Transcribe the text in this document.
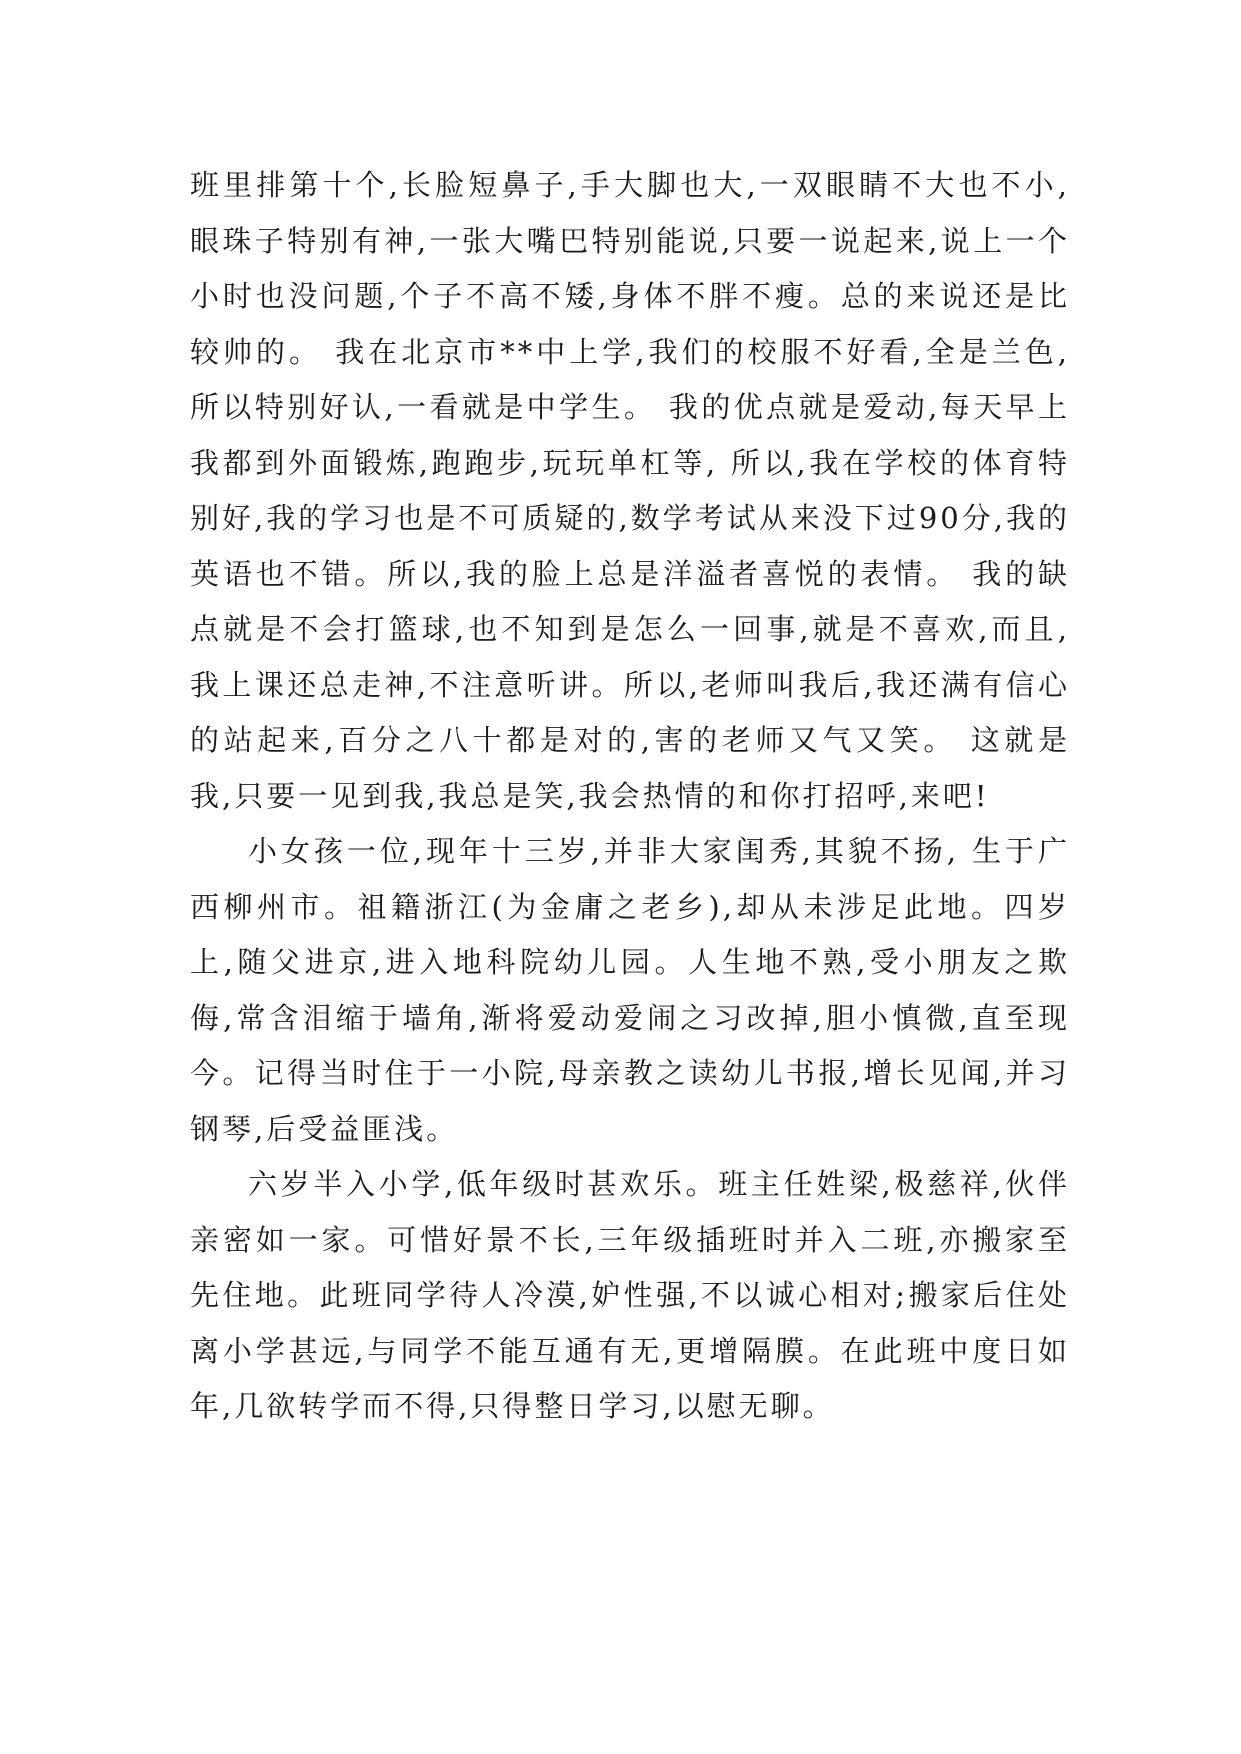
班里排第十个,长脸短鼻子,手大脚也大,一双眼睛不大也不小,眼珠子特别有神,一张大嘴巴特别能说,只要一说起来,说上一个小时也没问题,个子不高不矮,身体不胖不瘦。总的来说还是比较帅的。 我在北京市**中上学,我们的校服不好看,全是兰色,所以特别好认,一看就是中学生。 我的优点就是爱动,每天早上我都到外面锻炼,跑跑步,玩玩单杠等, 所以,我在学校的体育特别好,我的学习也是不可质疑的,数学考试从来没下过90分,我的英语也不错。所以,我的脸上总是洋溢者喜悦的表情。 我的缺点就是不会打篮球,也不知到是怎么一回事,就是不喜欢,而且, 我上课还总走神,不注意听讲。所以,老师叫我后,我还满有信心的站起来,百分之八十都是对的,害的老师又气又笑。 这就是我,只要一见到我,我总是笑,我会热情的和你打招呼,来吧!

小女孩一位,现年十三岁,并非大家闺秀,其貌不扬, 生于广西柳州市。祖籍浙江(为金庸之老乡),却从未涉足此地。四岁上,随父进京,进入地科院幼儿园。人生地不熟,受小朋友之欺侮,常含泪缩于墙角,渐将爱动爱闹之习改掉,胆小慎微,直至现今。记得当时住于一小院,母亲教之读幼儿书报,增长见闻,并习钢琴,后受益匪浅。

六岁半入小学,低年级时甚欢乐。班主任姓梁,极慈祥,伙伴亲密如一家。可惜好景不长,三年级插班时并入二班,亦搬家至先住地。此班同学待人冷漠,妒性强,不以诚心相对;搬家后住处离小学甚远,与同学不能互通有无,更增隔膜。在此班中度日如年,几欲转学而不得,只得整日学习,以慰无聊。
